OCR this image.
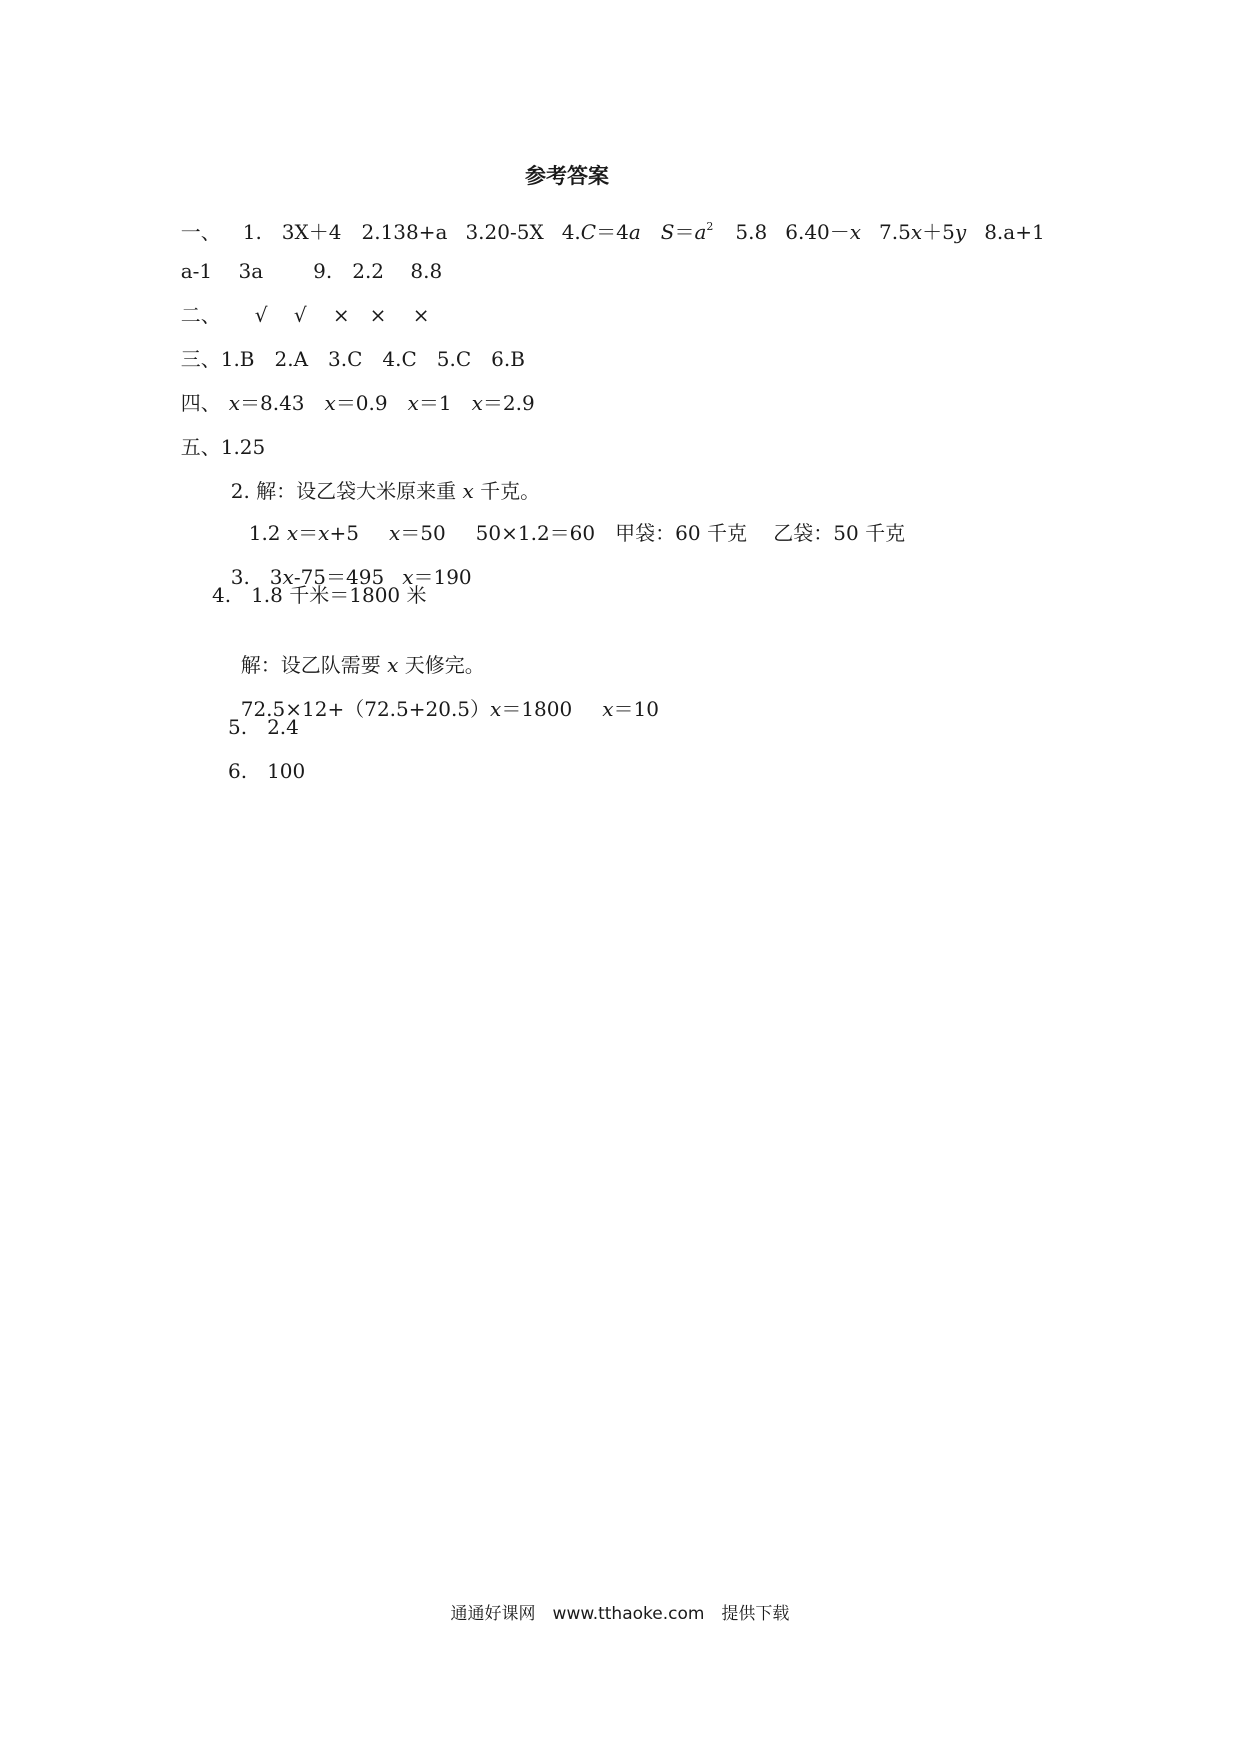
参考答案

一、 1.　3X＋4 2.138+a 3.20-5X 4.C＝4a $S=a^2$ 5.8 6.40－x 7.5x＋5y 8.a+1

a-1　 3a	9.　2.2　 8.8

二、 √　 √　 ×　×　 ×

三、1.B　2.A　3.C　4.C　5.C　6.B

四、 x＝8.43 x＝0.9 x＝1 x＝2.9

五、1.25

2. 解：设乙袋大米原来重 x 千克。

1.2 x＝x+5 x＝50 50×1.2＝60　甲袋：60 千克　 乙袋：50 千克

3.　3x-75＝495 x＝190

4.　1.8 千米＝1800 米

解：设乙队需要 x 天修完。

72.5×12+（72.5+20.5）x＝1800 x＝10

5.　2.4
6.　100
通通好课网　www.tthaoke.com　提供下载
